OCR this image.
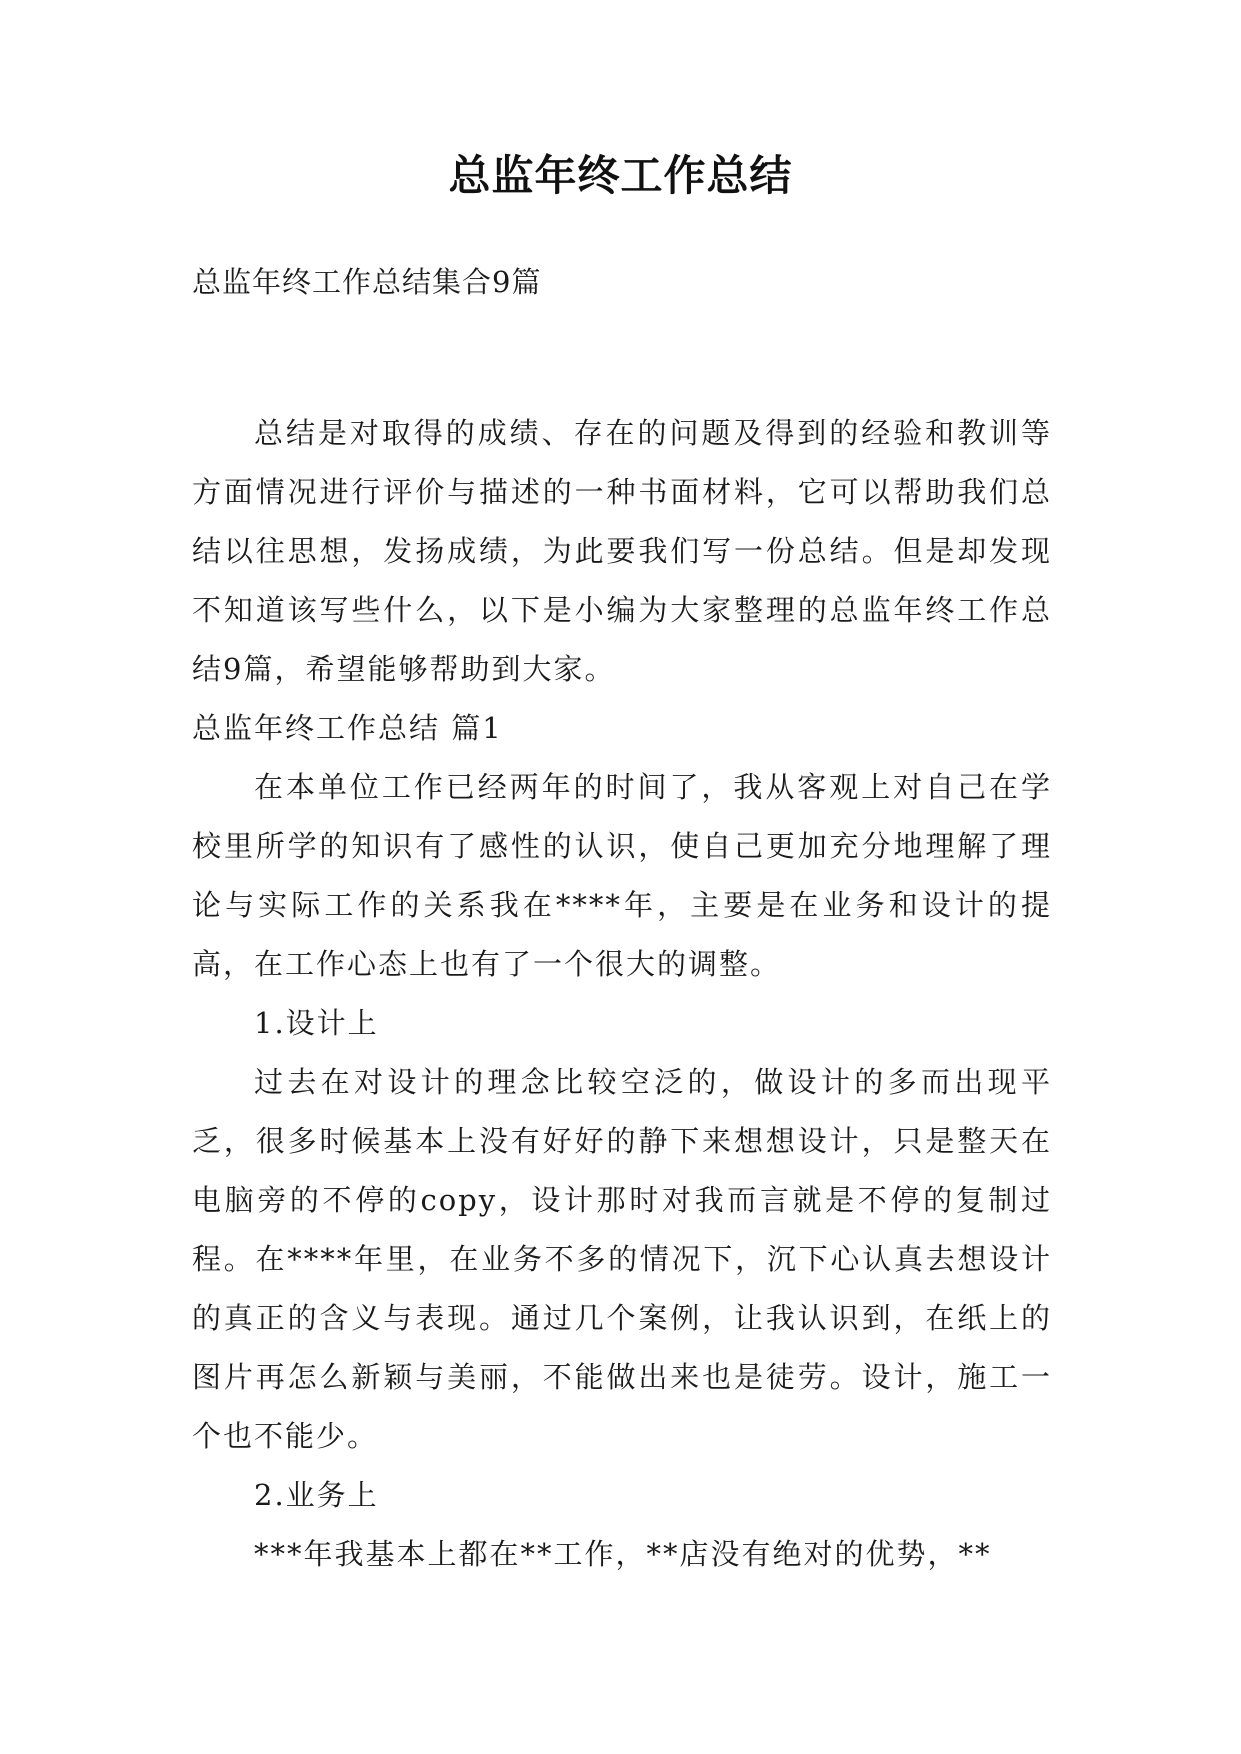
总监年终工作总结
总监年终工作总结集合9篇

总结是对取得的成绩、存在的问题及得到的经验和教训等方面情况进行评价与描述的一种书面材料，它可以帮助我们总结以往思想，发扬成绩，为此要我们写一份总结。但是却发现不知道该写些什么，以下是小编为大家整理的总监年终工作总结9篇，希望能够帮助到大家。

总监年终工作总结 篇1

在本单位工作已经两年的时间了，我从客观上对自己在学校里所学的知识有了感性的认识，使自己更加充分地理解了理论与实际工作的关系我在****年，主要是在业务和设计的提高，在工作心态上也有了一个很大的调整。

1.设计上

过去在对设计的理念比较空泛的，做设计的多而出现平乏，很多时候基本上没有好好的静下来想想设计，只是整天在电脑旁的不停的copy，设计那时对我而言就是不停的复制过程。在****年里，在业务不多的情况下，沉下心认真去想设计的真正的含义与表现。通过几个案例，让我认识到，在纸上的图片再怎么新颖与美丽，不能做出来也是徒劳。设计，施工一个也不能少。

2.业务上

***年我基本上都在**工作，**店没有绝对的优势，**
